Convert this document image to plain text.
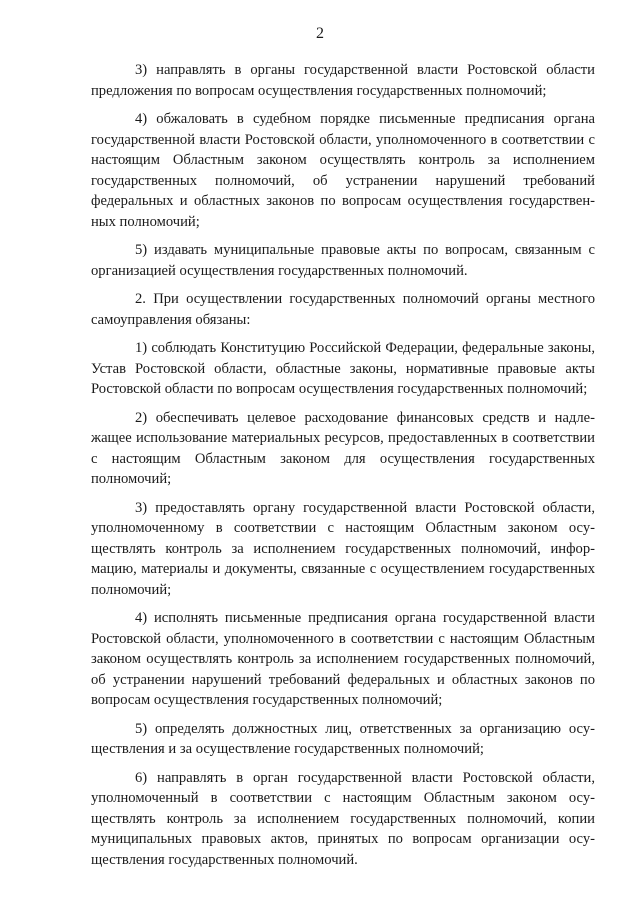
2

3) направлять в органы государственной власти Ростовской области предложения по вопросам осуществления государственных полномочий;

4) обжаловать в судебном порядке письменные предписания органа государственной власти Ростовской области, уполномоченного в соответствии с настоящим Областным законом осуществлять контроль за исполнением государственных полномочий, об устранении нарушений требований федеральных и областных законов по вопросам осуществления государственных полномочий;

5) издавать муниципальные правовые акты по вопросам, связанным с организацией осуществления государственных полномочий.

2. При осуществлении государственных полномочий органы местного самоуправления обязаны:

1) соблюдать Конституцию Российской Федерации, федеральные законы, Устав Ростовской области, областные законы, нормативные правовые акты Ростовской области по вопросам осуществления государственных полномочий;

2) обеспечивать целевое расходование финансовых средств и надлежащее использование материальных ресурсов, предоставленных в соответствии с настоящим Областным законом для осуществления государственных полномочий;

3) предоставлять органу государственной власти Ростовской области, уполномоченному в соответствии с настоящим Областным законом осуществлять контроль за исполнением государственных полномочий, информацию, материалы и документы, связанные с осуществлением государственных полномочий;

4) исполнять письменные предписания органа государственной власти Ростовской области, уполномоченного в соответствии с настоящим Областным законом осуществлять контроль за исполнением государственных полномочий, об устранении нарушений требований федеральных и областных законов по вопросам осуществления государственных полномочий;

5) определять должностных лиц, ответственных за организацию осуществления и за осуществление государственных полномочий;

6) направлять в орган государственной власти Ростовской области, уполномоченный в соответствии с настоящим Областным законом осуществлять контроль за исполнением государственных полномочий, копии муниципальных правовых актов, принятых по вопросам организации осуществления государственных полномочий.
